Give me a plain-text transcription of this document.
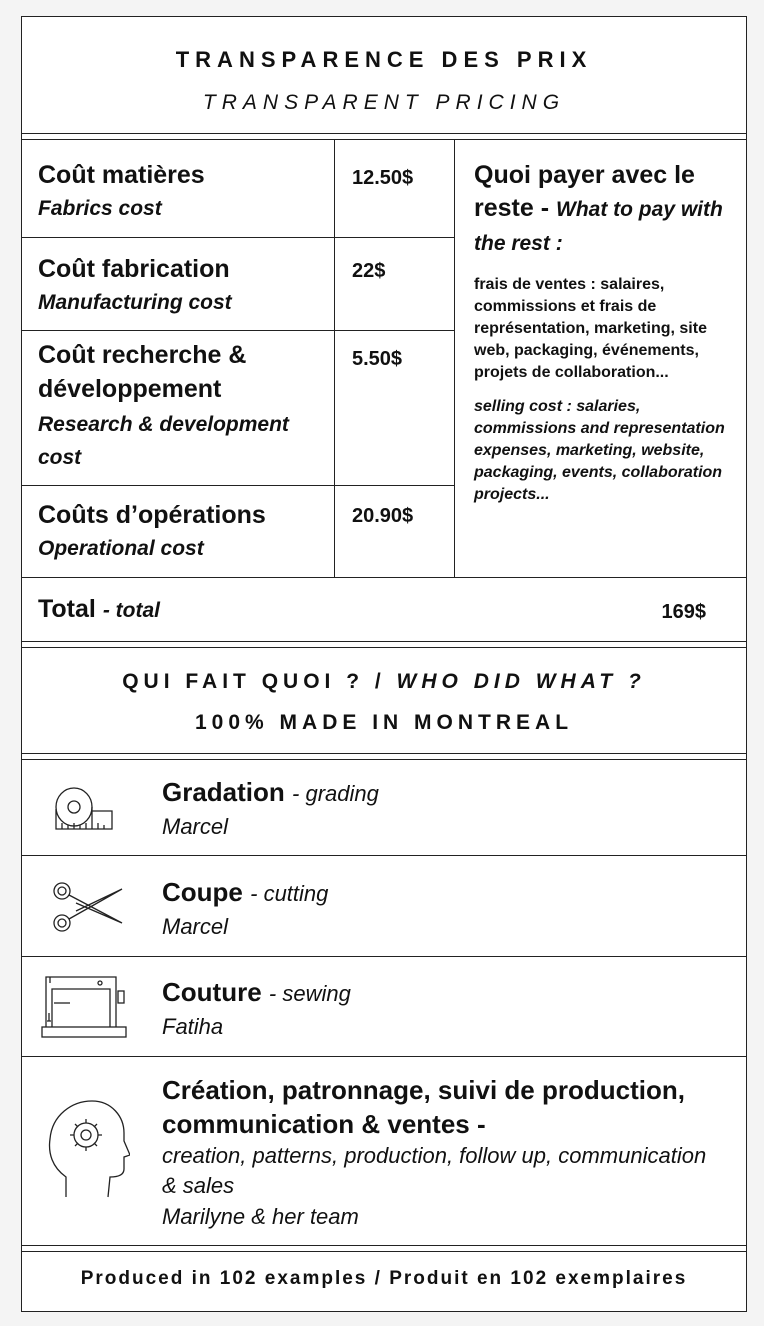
TRANSPARENCE DES PRIX
TRANSPARENT PRICING
Coût matières
Fabrics cost
12.50$
Coût fabrication
Manufacturing cost
22$
Coût recherche & développement
Research & development cost
5.50$
Coûts d’opérations
Operational cost
20.90$
Quoi payer avec le reste - What to pay with the rest :
frais de ventes : salaires, commissions et frais de représentation, marketing, site web, packaging, événements, projets de collaboration...
selling cost : salaries, commissions and representation expenses, marketing, website, packaging, events, collaboration projects...
Total - total	169$
QUI FAIT QUOI ? / WHO DID WHAT ?
100% MADE IN MONTREAL
Gradation - grading
Marcel
Coupe - cutting
Marcel
Couture - sewing
Fatiha
Création, patronnage, suivi de production, communication & ventes -
creation, patterns, production, follow up, communication & sales
Marilyne & her team
Produced in 102 examples / Produit en 102 exemplaires
